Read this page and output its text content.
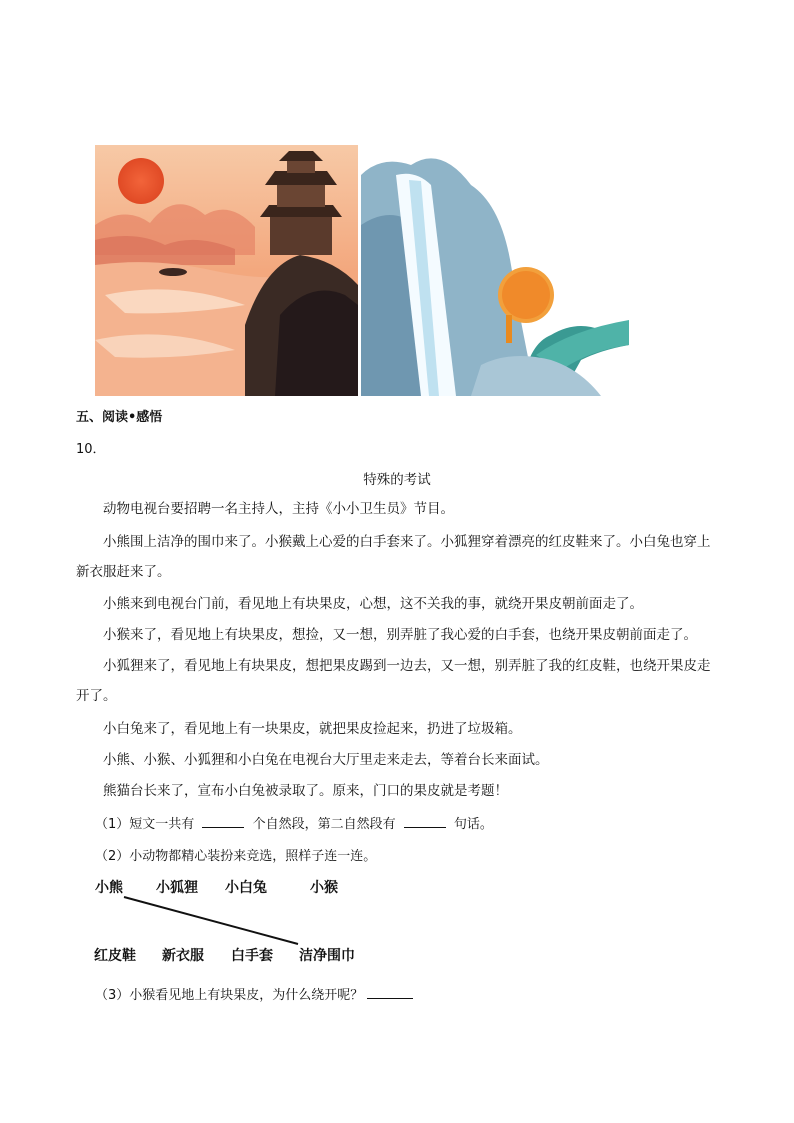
五、阅读•感悟
10．
特殊的考试
动物电视台要招聘一名主持人，主持《小小卫生员》节目。
小熊围上洁净的围巾来了。小猴戴上心爱的白手套来了。小狐狸穿着漂亮的红皮鞋来了。小白兔也穿上新衣服赶来了。
小熊来到电视台门前，看见地上有块果皮，心想，这不关我的事，就绕开果皮朝前面走了。
小猴来了，看见地上有块果皮，想捡，又一想，别弄脏了我心爱的白手套，也绕开果皮朝前面走了。
小狐狸来了，看见地上有块果皮，想把果皮踢到一边去，又一想，别弄脏了我的红皮鞋，也绕开果皮走开了。
小白兔来了，看见地上有一块果皮，就把果皮捡起来，扔进了垃圾箱。
小熊、小猴、小狐狸和小白兔在电视台大厅里走来走去，等着台长来面试。
熊猫台长来了，宣布小白兔被录取了。原来，门口的果皮就是考题！
（1）短文一共有	个自然段，第二自然段有	句话。
（2）小动物都精心装扮来竞选，照样子连一连。
小熊 小狐狸 小白兔	小猴
红皮鞋 新衣服 白手套 洁净围巾
（3）小猴看见地上有块果皮，为什么绕开呢？
